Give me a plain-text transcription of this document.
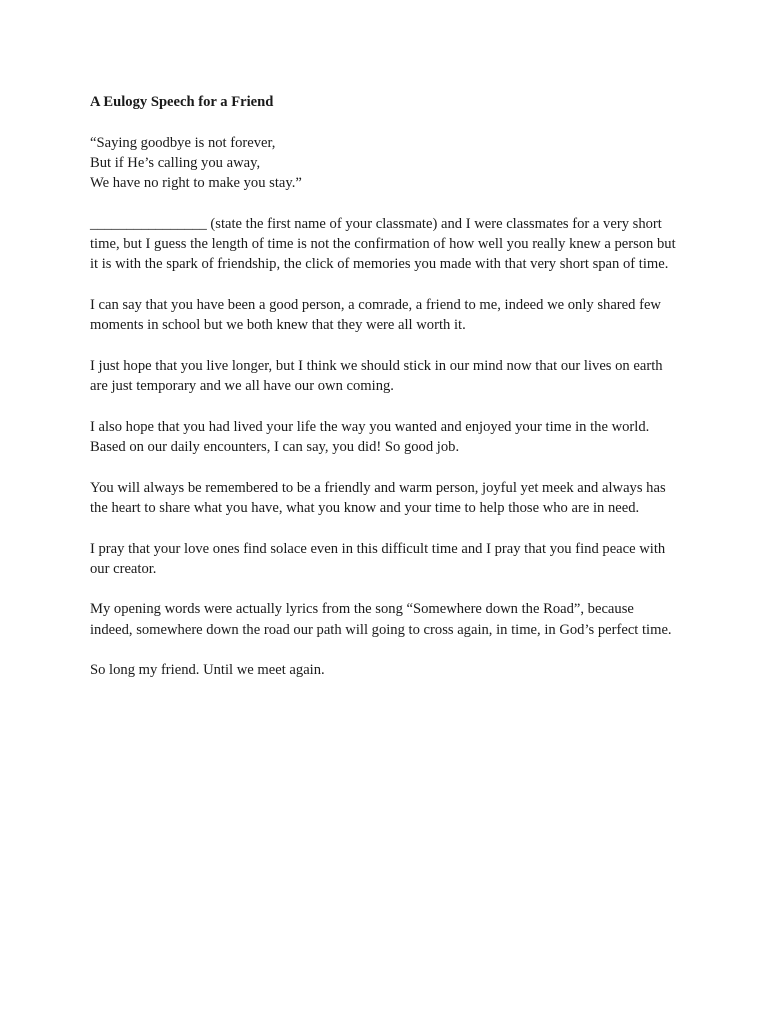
A Eulogy Speech for a Friend
“Saying goodbye is not forever,
But if He’s calling you away,
We have no right to make you stay.”

________________ (state the first name of your classmate) and I were classmates for a very short time, but I guess the length of time is not the confirmation of how well you really knew a person but it is with the spark of friendship, the click of memories you made with that very short span of time.

I can say that you have been a good person, a comrade, a friend to me, indeed we only shared few moments in school but we both knew that they were all worth it.

I just hope that you live longer, but I think we should stick in our mind now that our lives on earth are just temporary and we all have our own coming.

I also hope that you had lived your life the way you wanted and enjoyed your time in the world. Based on our daily encounters, I can say, you did! So good job.

You will always be remembered to be a friendly and warm person, joyful yet meek and always has the heart to share what you have, what you know and your time to help those who are in need.

I pray that your love ones find solace even in this difficult time and I pray that you find peace with our creator.

My opening words were actually lyrics from the song “Somewhere down the Road”, because indeed, somewhere down the road our path will going to cross again, in time, in God’s perfect time.

So long my friend. Until we meet again.
